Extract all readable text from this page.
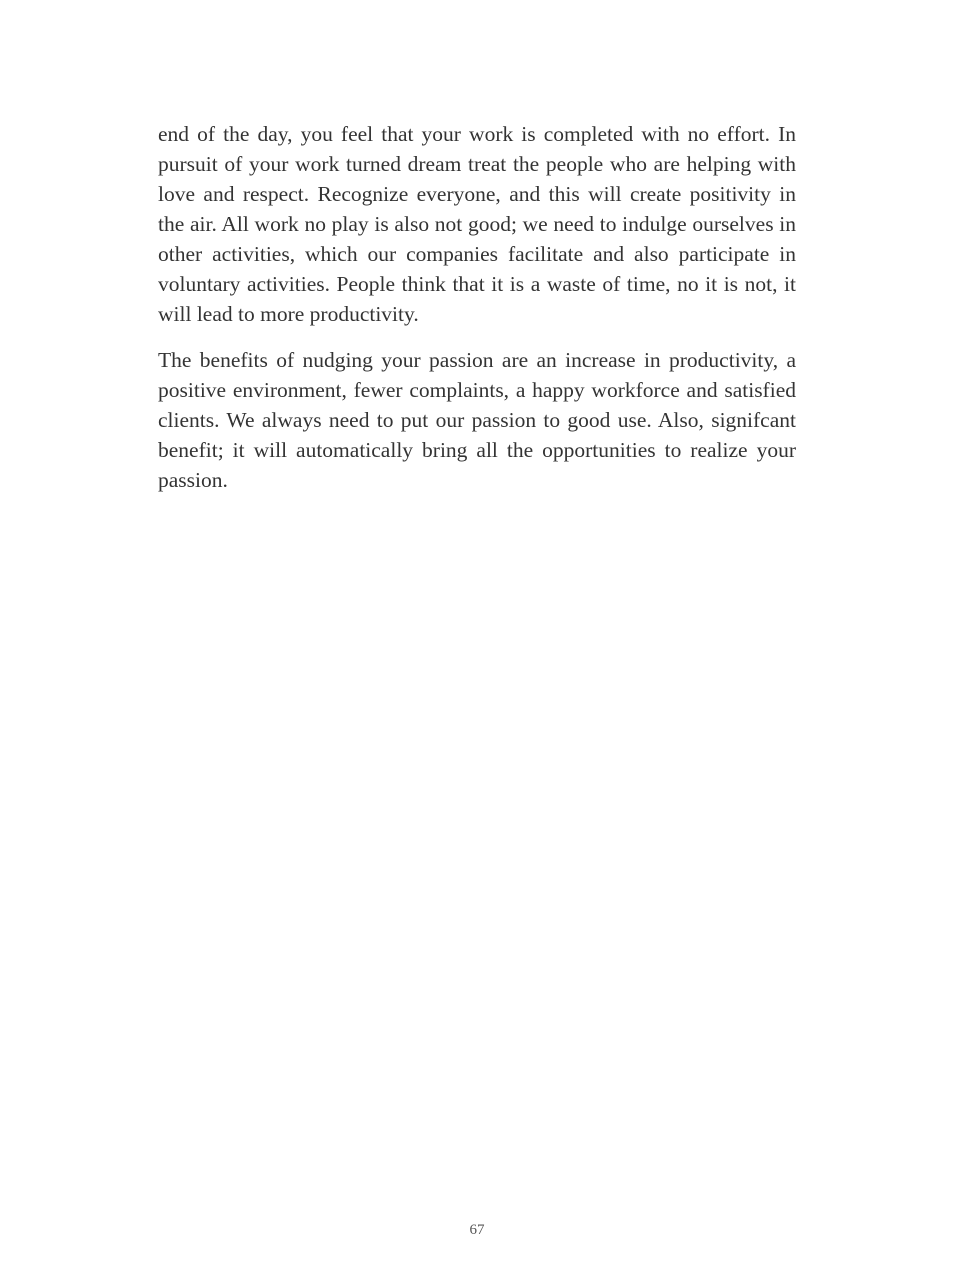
end of the day, you feel that your work is completed with no effort. In pursuit of your work turned dream treat the people who are helping with love and respect. Recognize everyone, and this will create positivity in the air. All work no play is also not good; we need to indulge ourselves in other activities, which our companies facilitate and also participate in voluntary activities. People think that it is a waste of time, no it is not, it will lead to more productivity.

The benefits of nudging your passion are an increase in productivity, a positive environment, fewer complaints, a happy workforce and satisfied clients. We always need to put our passion to good use. Also, signifcant benefit; it will automatically bring all the opportunities to realize your passion.

67
